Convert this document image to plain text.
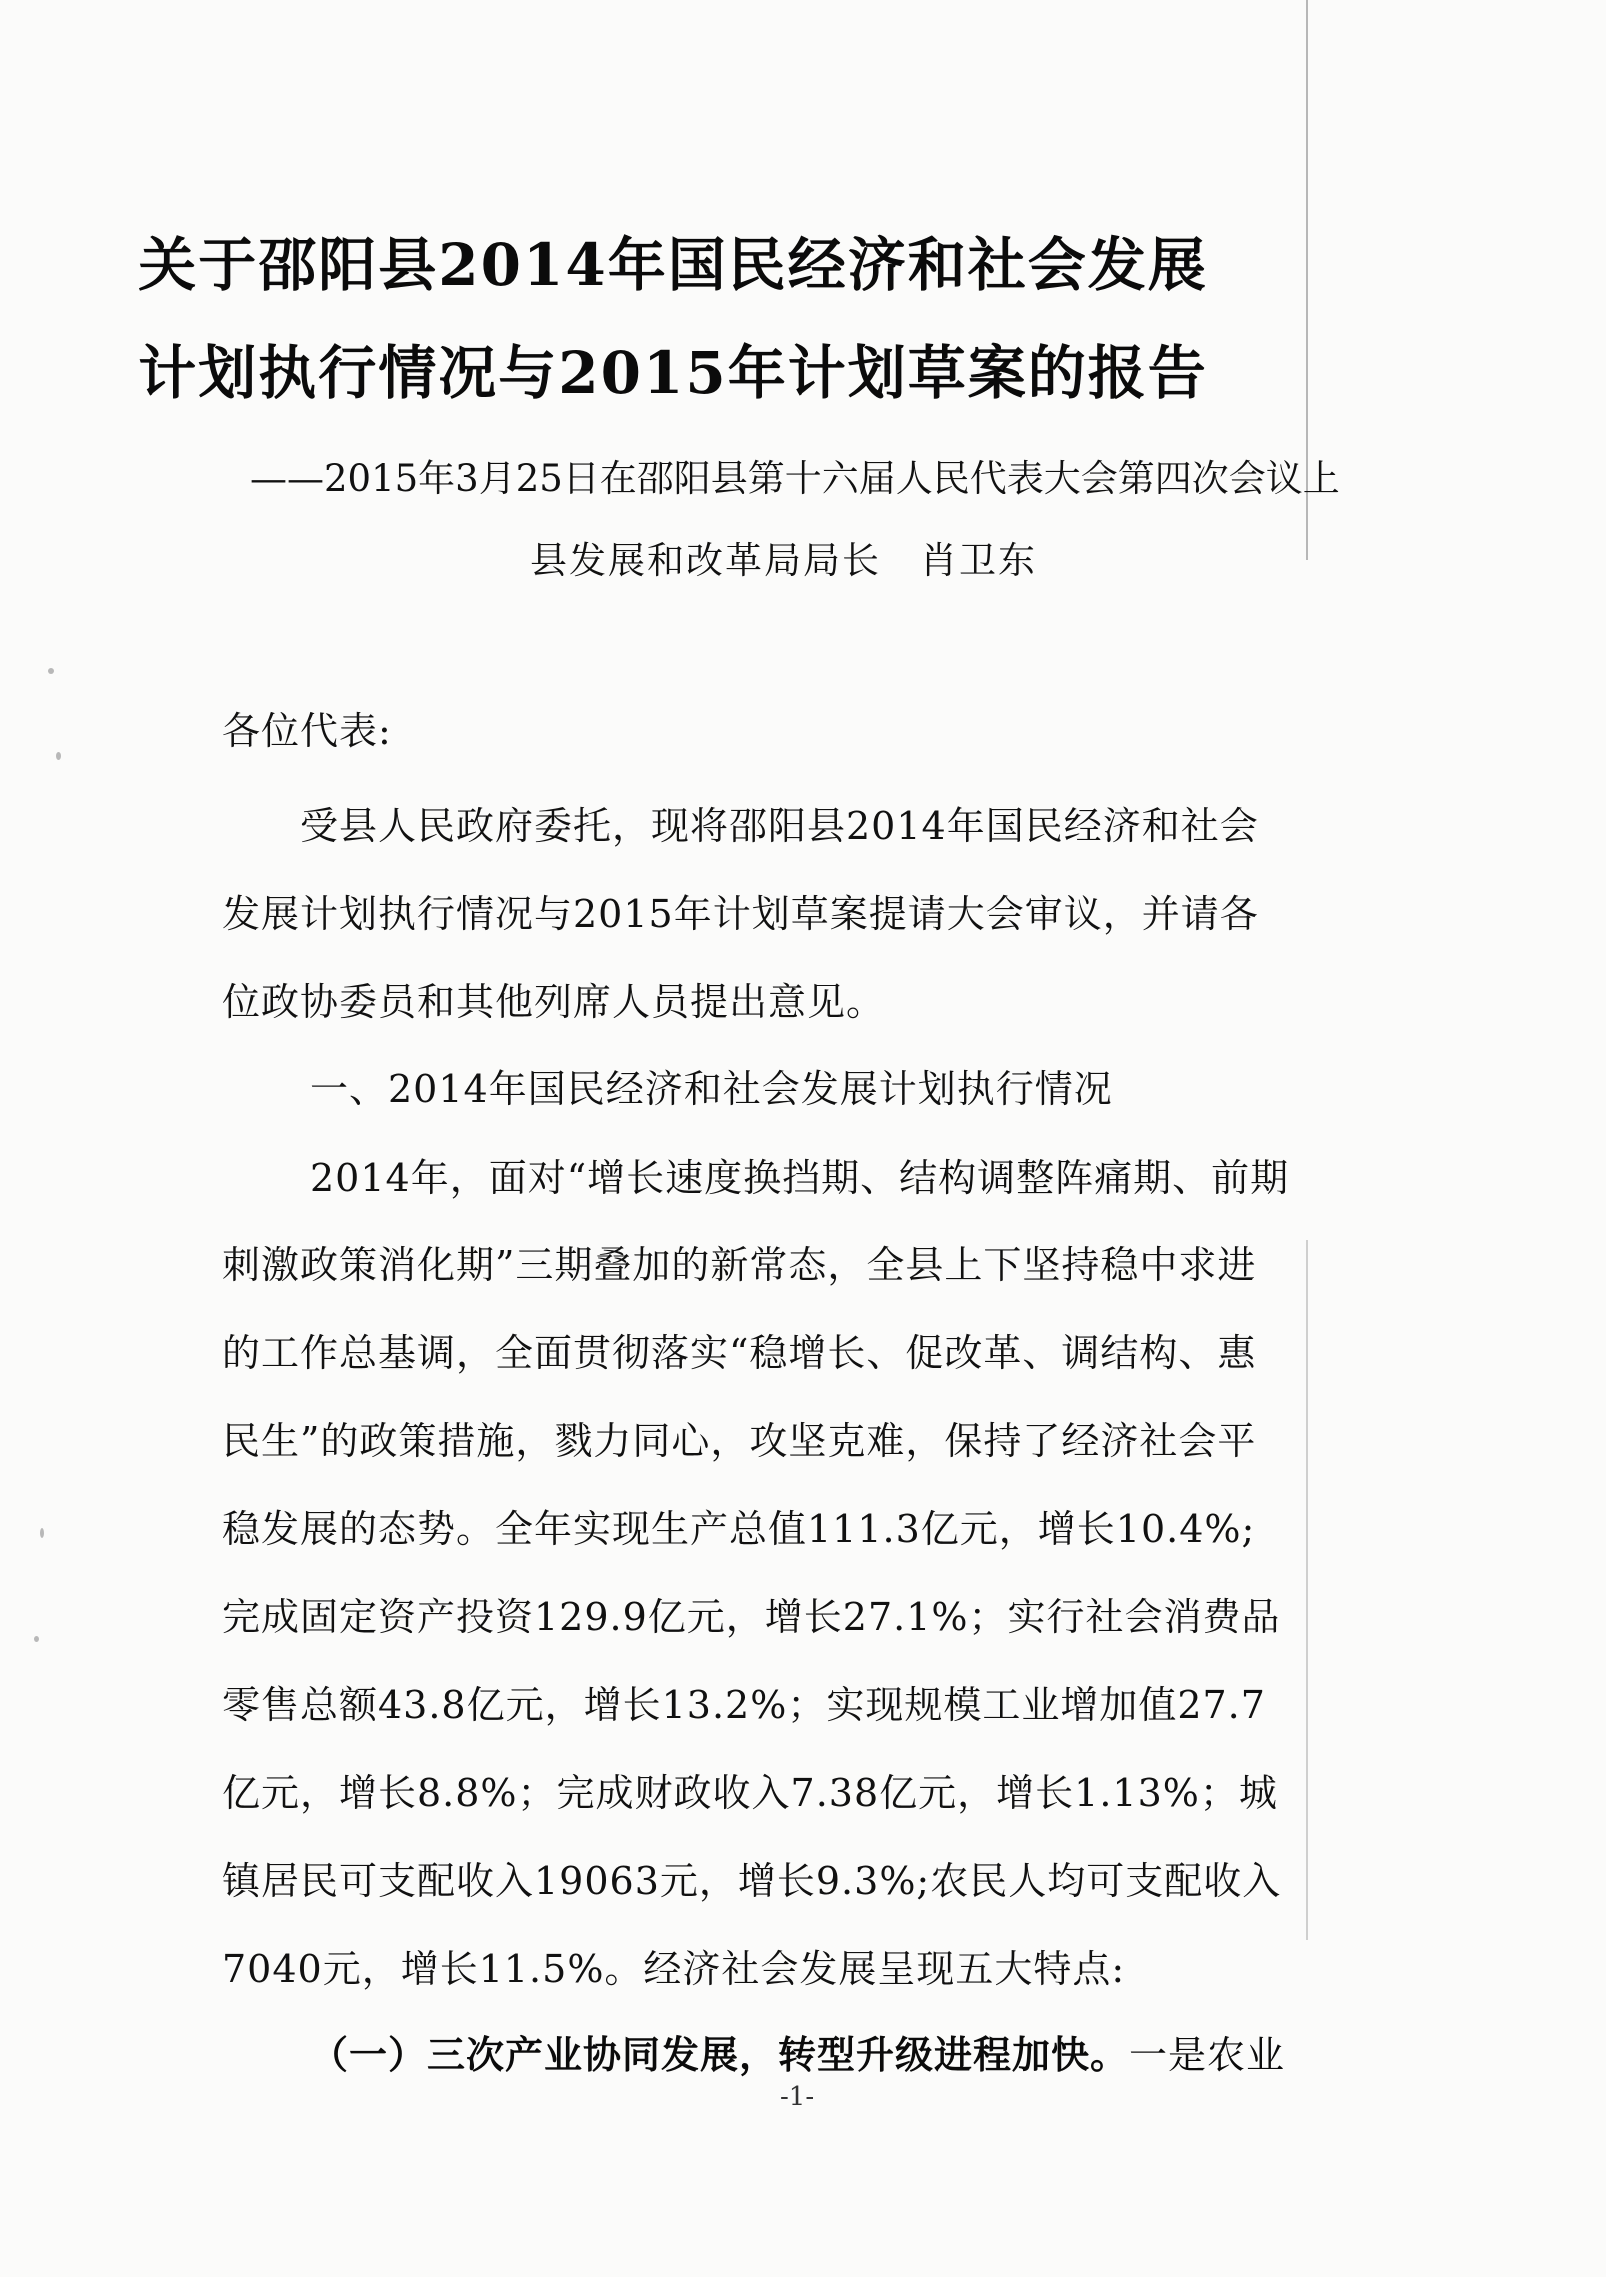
关于邵阳县2014年国民经济和社会发展
计划执行情况与2015年计划草案的报告
——2015年3月25日在邵阳县第十六届人民代表大会第四次会议上
县发展和改革局局长　肖卫东
各位代表:
　　受县人民政府委托，现将邵阳县2014年国民经济和社会
发展计划执行情况与2015年计划草案提请大会审议，并请各
位政协委员和其他列席人员提出意见。
一、2014年国民经济和社会发展计划执行情况
2014年，面对“增长速度换挡期、结构调整阵痛期、前期
刺激政策消化期”三期叠加的新常态，全县上下坚持稳中求进
的工作总基调，全面贯彻落实“稳增长、促改革、调结构、惠
民生”的政策措施，戮力同心，攻坚克难，保持了经济社会平
稳发展的态势。全年实现生产总值111.3亿元，增长10.4%;
完成固定资产投资129.9亿元，增长27.1%；实行社会消费品
零售总额43.8亿元，增长13.2%；实现规模工业增加值27.7
亿元，增长8.8%；完成财政收入7.38亿元，增长1.13%；城
镇居民可支配收入19063元，增长9.3%;农民人均可支配收入
7040元，增长11.5%。经济社会发展呈现五大特点:
（一）三次产业协同发展，转型升级进程加快。一是农业
-1-
